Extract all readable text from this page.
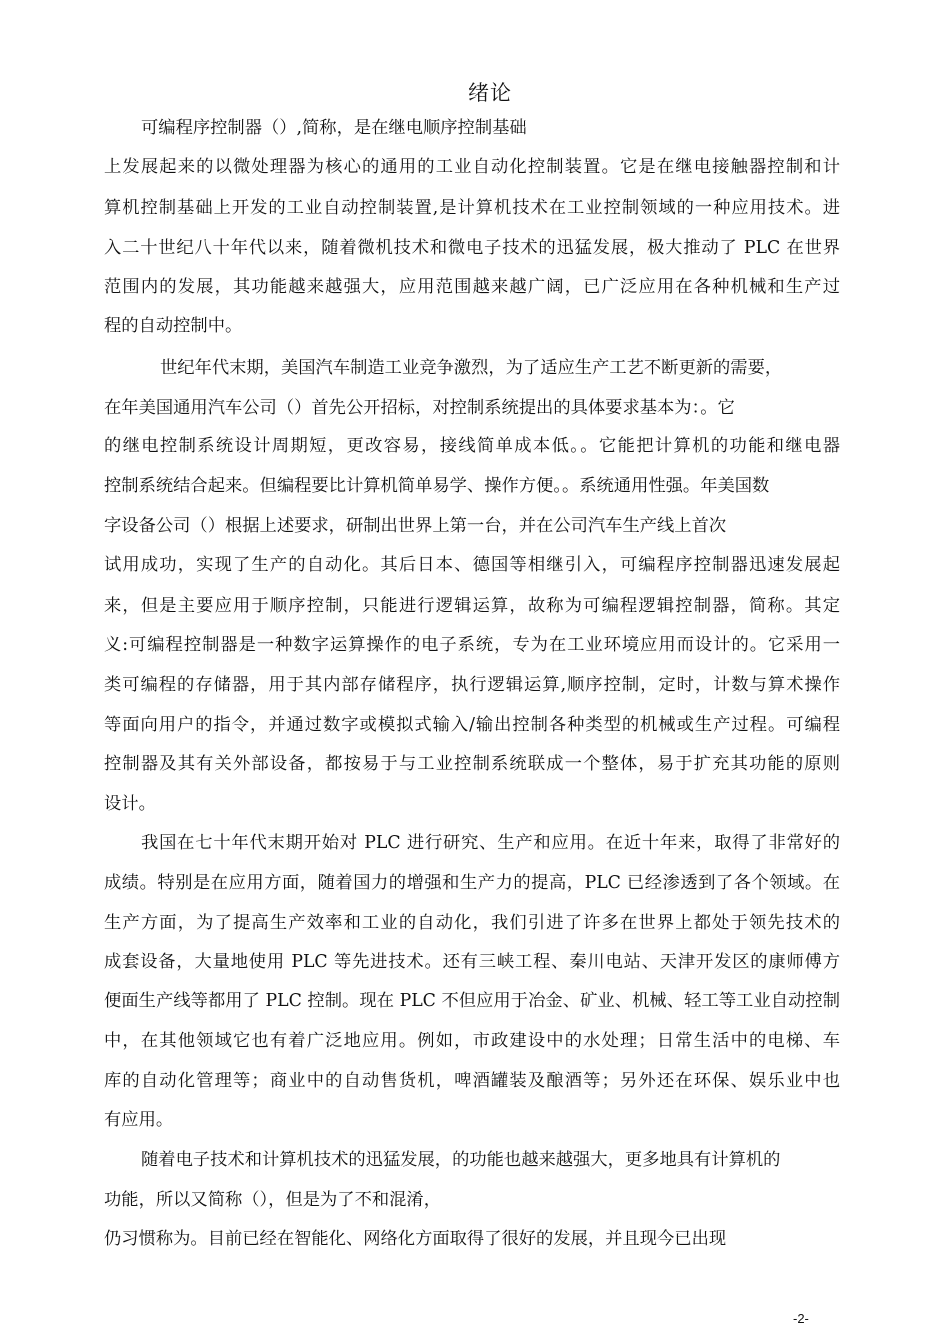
绪论
可编程序控制器（）,简称，是在继电顺序控制基础
上发展起来的以微处理器为核心的通用的工业自动化控制装置。它是在继电接触器控制和计
算机控制基础上开发的工业自动控制装置,是计算机技术在工业控制领域的一种应用技术。进
入二十世纪八十年代以来，随着微机技术和微电子技术的迅猛发展，极大推动了 PLC 在世界
范围内的发展，其功能越来越强大，应用范围越来越广阔，已广泛应用在各种机械和生产过
程的自动控制中。
世纪年代末期，美国汽车制造工业竞争激烈，为了适应生产工艺不断更新的需要，
在年美国通用汽车公司（）首先公开招标，对控制系统提出的具体要求基本为：。它
的继电控制系统设计周期短，更改容易，接线简单成本低。。它能把计算机的功能和继电器
控制系统结合起来。但编程要比计算机简单易学、操作方便。。系统通用性强。年美国数
字设备公司（）根据上述要求，研制出世界上第一台，并在公司汽车生产线上首次
试用成功，实现了生产的自动化。其后日本、德国等相继引入，可编程序控制器迅速发展起
来，但是主要应用于顺序控制，只能进行逻辑运算，故称为可编程逻辑控制器，简称。其定
义:可编程控制器是一种数字运算操作的电子系统，专为在工业环境应用而设计的。它采用一
类可编程的存储器，用于其内部存储程序，执行逻辑运算,顺序控制，定时，计数与算术操作
等面向用户的指令，并通过数字或模拟式输入/输出控制各种类型的机械或生产过程。可编程
控制器及其有关外部设备，都按易于与工业控制系统联成一个整体，易于扩充其功能的原则
设计。
我国在七十年代末期开始对 PLC 进行研究、生产和应用。在近十年来，取得了非常好的
成绩。特别是在应用方面，随着国力的增强和生产力的提高，PLC 已经渗透到了各个领域。在
生产方面，为了提高生产效率和工业的自动化，我们引进了许多在世界上都处于领先技术的
成套设备，大量地使用 PLC 等先进技术。还有三峡工程、秦川电站、天津开发区的康师傅方
便面生产线等都用了 PLC 控制。现在 PLC 不但应用于冶金、矿业、机械、轻工等工业自动控制
中，在其他领域它也有着广泛地应用。例如，市政建设中的水处理；日常生活中的电梯、车
库的自动化管理等；商业中的自动售货机，啤酒罐装及酿酒等；另外还在环保、娱乐业中也
有应用。
随着电子技术和计算机技术的迅猛发展，的功能也越来越强大，更多地具有计算机的
功能，所以又简称（），但是为了不和混淆，
仍习惯称为。目前已经在智能化、网络化方面取得了很好的发展，并且现今已出现
-2-
